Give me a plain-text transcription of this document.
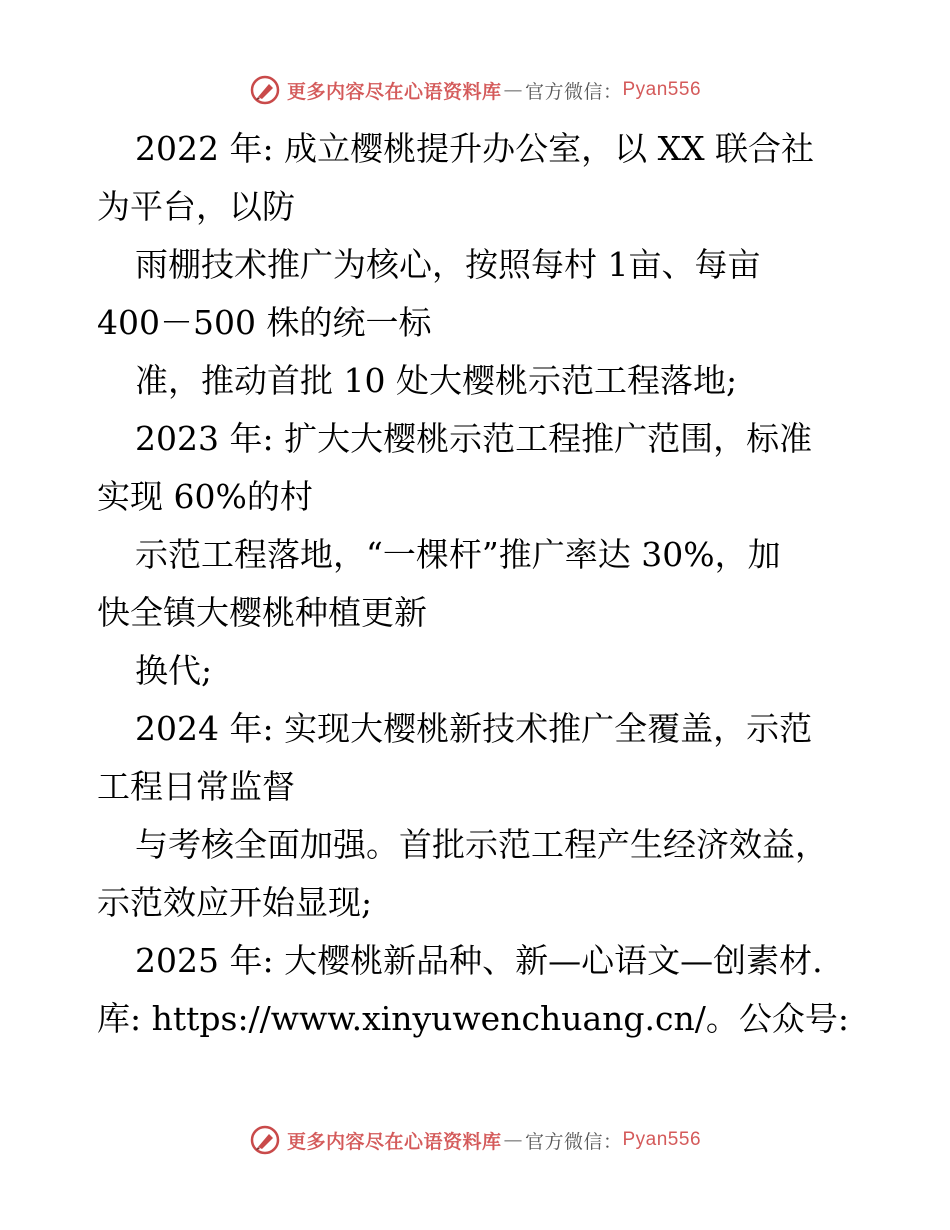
更多内容尽在心语资料库 — 官方微信： Pyan556
2022 年: 成立樱桃提升办公室，以 XX 联合社
为平台，以防
雨棚技术推广为核心，按照每村 1亩、每亩
400－500 株的统一标
准，推动首批 10 处大樱桃示范工程落地;
2023 年: 扩大大樱桃示范工程推广范围，标准
实现 60%的村
示范工程落地，“一棵杆”推广率达 30%，加
快全镇大樱桃种植更新
换代;
2024 年: 实现大樱桃新技术推广全覆盖，示范
工程日常监督
与考核全面加强。首批示范工程产生经济效益，
示范效应开始显现;
2025 年: 大樱桃新品种、新—心语文—创素材.
库: https://www.xinyuwenchuang.cn/。公众号:
更多内容尽在心语资料库 — 官方微信： Pyan556
